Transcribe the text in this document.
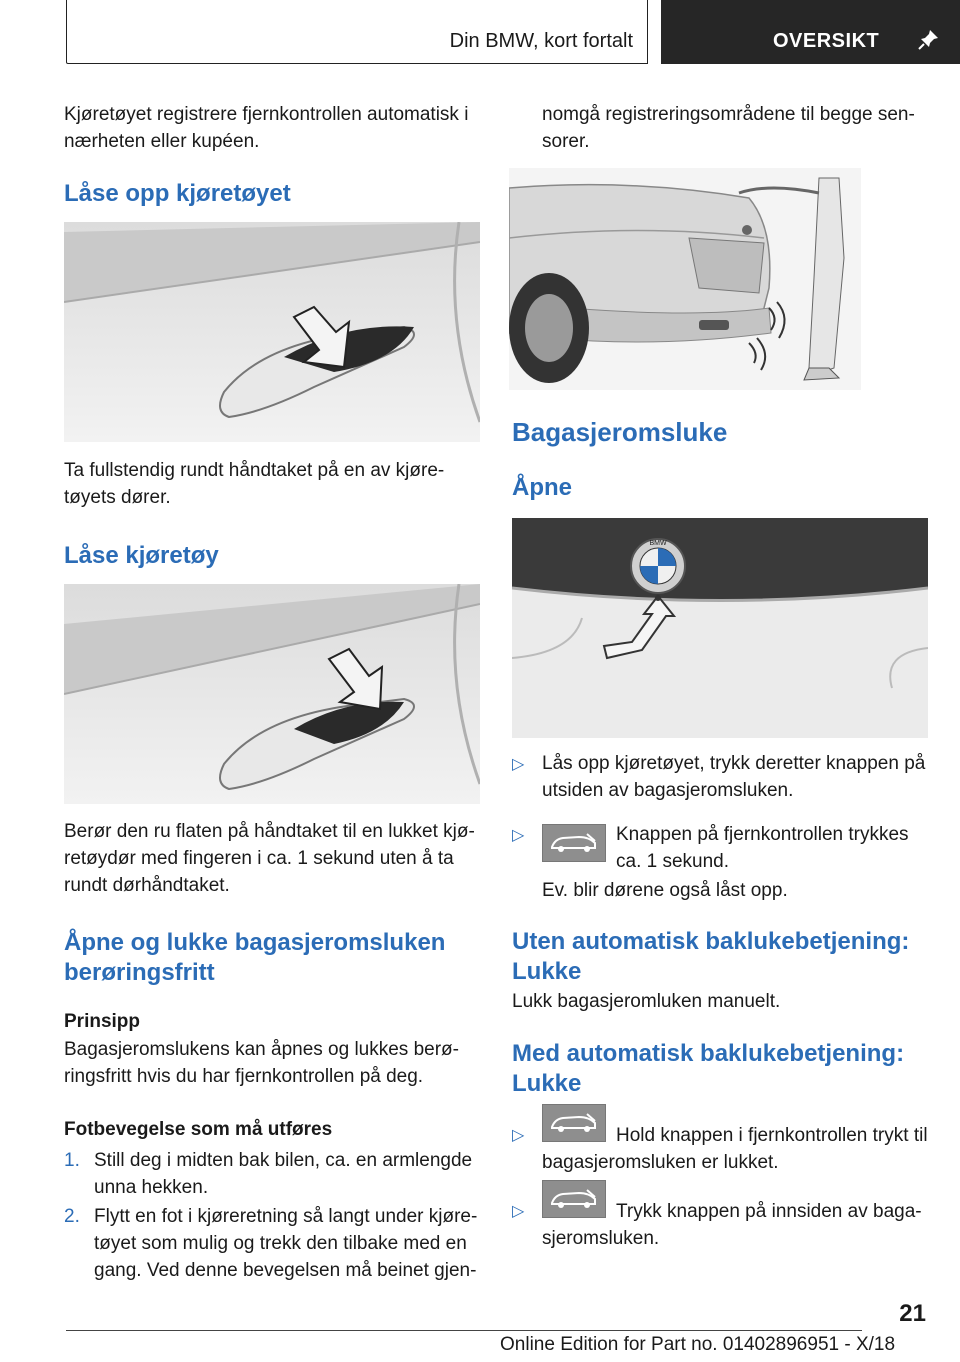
Din BMW, kort fortalt	OVERSIKT

Kjøretøyet registrere fjernkontrollen automatisk i nærheten eller kupéen.

Låse opp kjøretøyet

Ta fullstendig rundt håndtaket på en av kjøre-tøyets dører.

Låse kjøretøy

Berør den ru flaten på håndtaket til en lukket kjø-retøydør med fingeren i ca. 1 sekund uten å ta rundt dørhåndtaket.

Åpne og lukke bagasjeromsluken berøringsfritt

Prinsipp

Bagasjeromslukens kan åpnes og lukkes berø-ringsfritt hvis du har fjernkontrollen på deg.

Fotbevegelse som må utføres

1. Still deg i midten bak bilen, ca. en armlengde unna hekken.
2. Flytt en fot i kjøreretning så langt under kjøre-tøyet som mulig og trekk den tilbake med en gang. Ved denne bevegelsen må beinet gjen-

nomgå registreringsområdene til begge sen-sorer.

Bagasjeromsluke
Åpne
BMW
▷ Lås opp kjøretøyet, trykk deretter knappen på utsiden av bagasjeromsluken.
▷	Knappen på fjernkontrollen trykkes ca. 1 sekund.

Ev. blir dørene også låst opp.

Uten automatisk baklukebetjening: Lukke

Lukk bagasjeromluken manuelt.

Med automatisk baklukebetjening: Lukke
▷	Hold knappen i fjernkontrollen trykt til bagasjeromsluken er lukket.
▷	Trykk knappen på innsiden av baga-sjeromsluken.
21
Online Edition for Part no. 01402896951 - X/18
